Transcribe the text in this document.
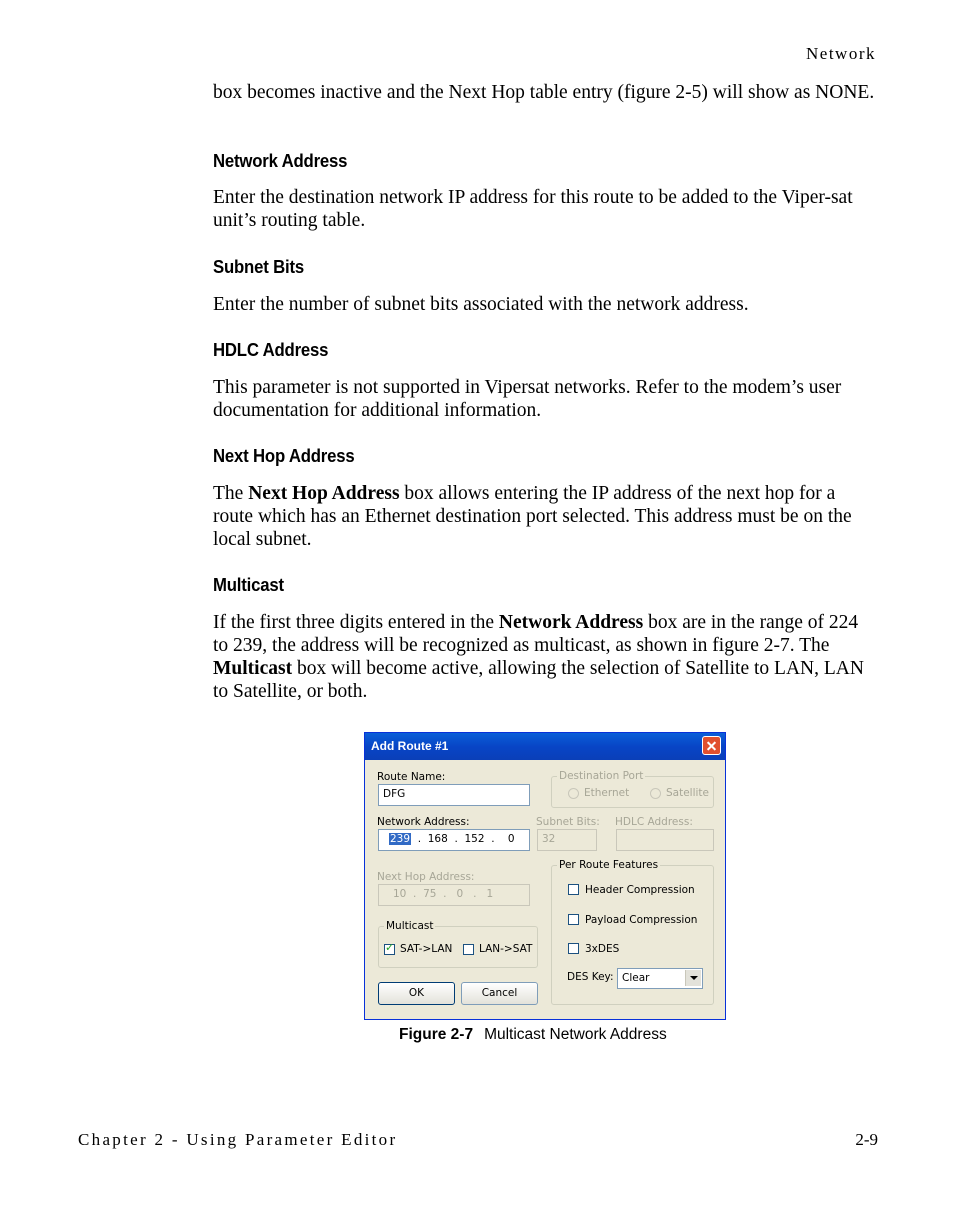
Network
box becomes inactive and the Next Hop table entry (figure 2-5) will show as NONE.
Network Address
Enter the destination network IP address for this route to be added to the Viper-sat unit’s routing table.
Subnet Bits
Enter the number of subnet bits associated with the network address.
HDLC Address
This parameter is not supported in Vipersat networks. Refer to the modem’s user documentation for additional information.
Next Hop Address
The Next Hop Address box allows entering the IP address of the next hop for a route which has an Ethernet destination port selected. This address must be on the local subnet.
Multicast
If the first three digits entered in the Network Address box are in the range of 224 to 239, the address will be recognized as multicast, as shown in figure 2-7. The Multicast box will become active, allowing the selection of Satellite to LAN, LAN to Satellite, or both.
Add Route #1
Route Name:
DFG
Destination Port
Ethernet	Satellite
Network Address:
239  .  168  .  152  .    0
Subnet Bits:
32
HDLC Address:
Per Route Features
Header Compression
Payload Compression
3xDES
DES Key: Clear
Next Hop Address:
10  .  75  .   0   .   1
Multicast
✓
SAT->LAN	LAN->SAT
OK	Cancel
Figure 2-7 Multicast Network Address
Chapter 2 - Using Parameter Editor	2-9
